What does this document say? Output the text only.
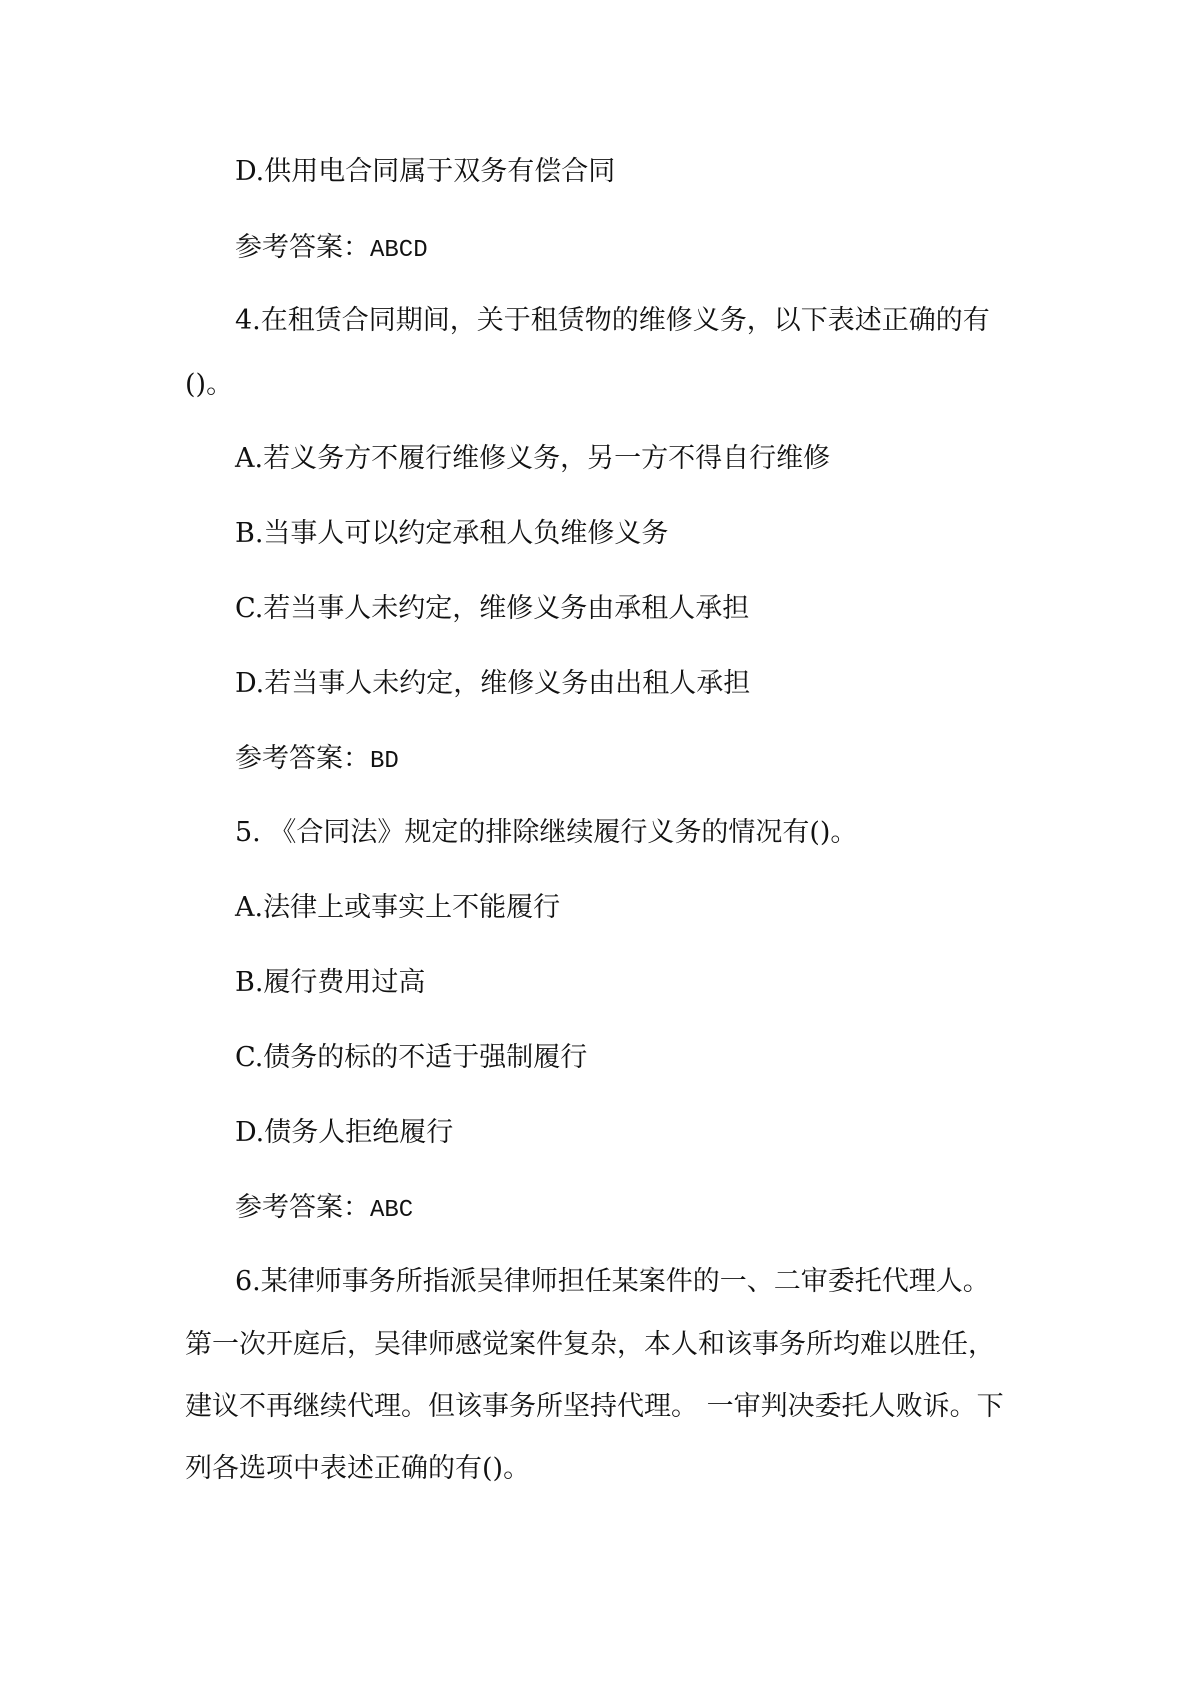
D.供用电合同属于双务有偿合同
参考答案：ABCD
4.在租赁合同期间，关于租赁物的维修义务，以下表述正确的有
()。
A.若义务方不履行维修义务，另一方不得自行维修
B.当事人可以约定承租人负维修义务
C.若当事人未约定，维修义务由承租人承担
D.若当事人未约定，维修义务由出租人承担
参考答案：BD
5. 《合同法》规定的排除继续履行义务的情况有()。
A.法律上或事实上不能履行
B.履行费用过高
C.债务的标的不适于强制履行
D.债务人拒绝履行
参考答案：ABC
6.某律师事务所指派吴律师担任某案件的一、二审委托代理人。
第一次开庭后，吴律师感觉案件复杂，本人和该事务所均难以胜任，
建议不再继续代理。但该事务所坚持代理。 一审判决委托人败诉。下
列各选项中表述正确的有()。
